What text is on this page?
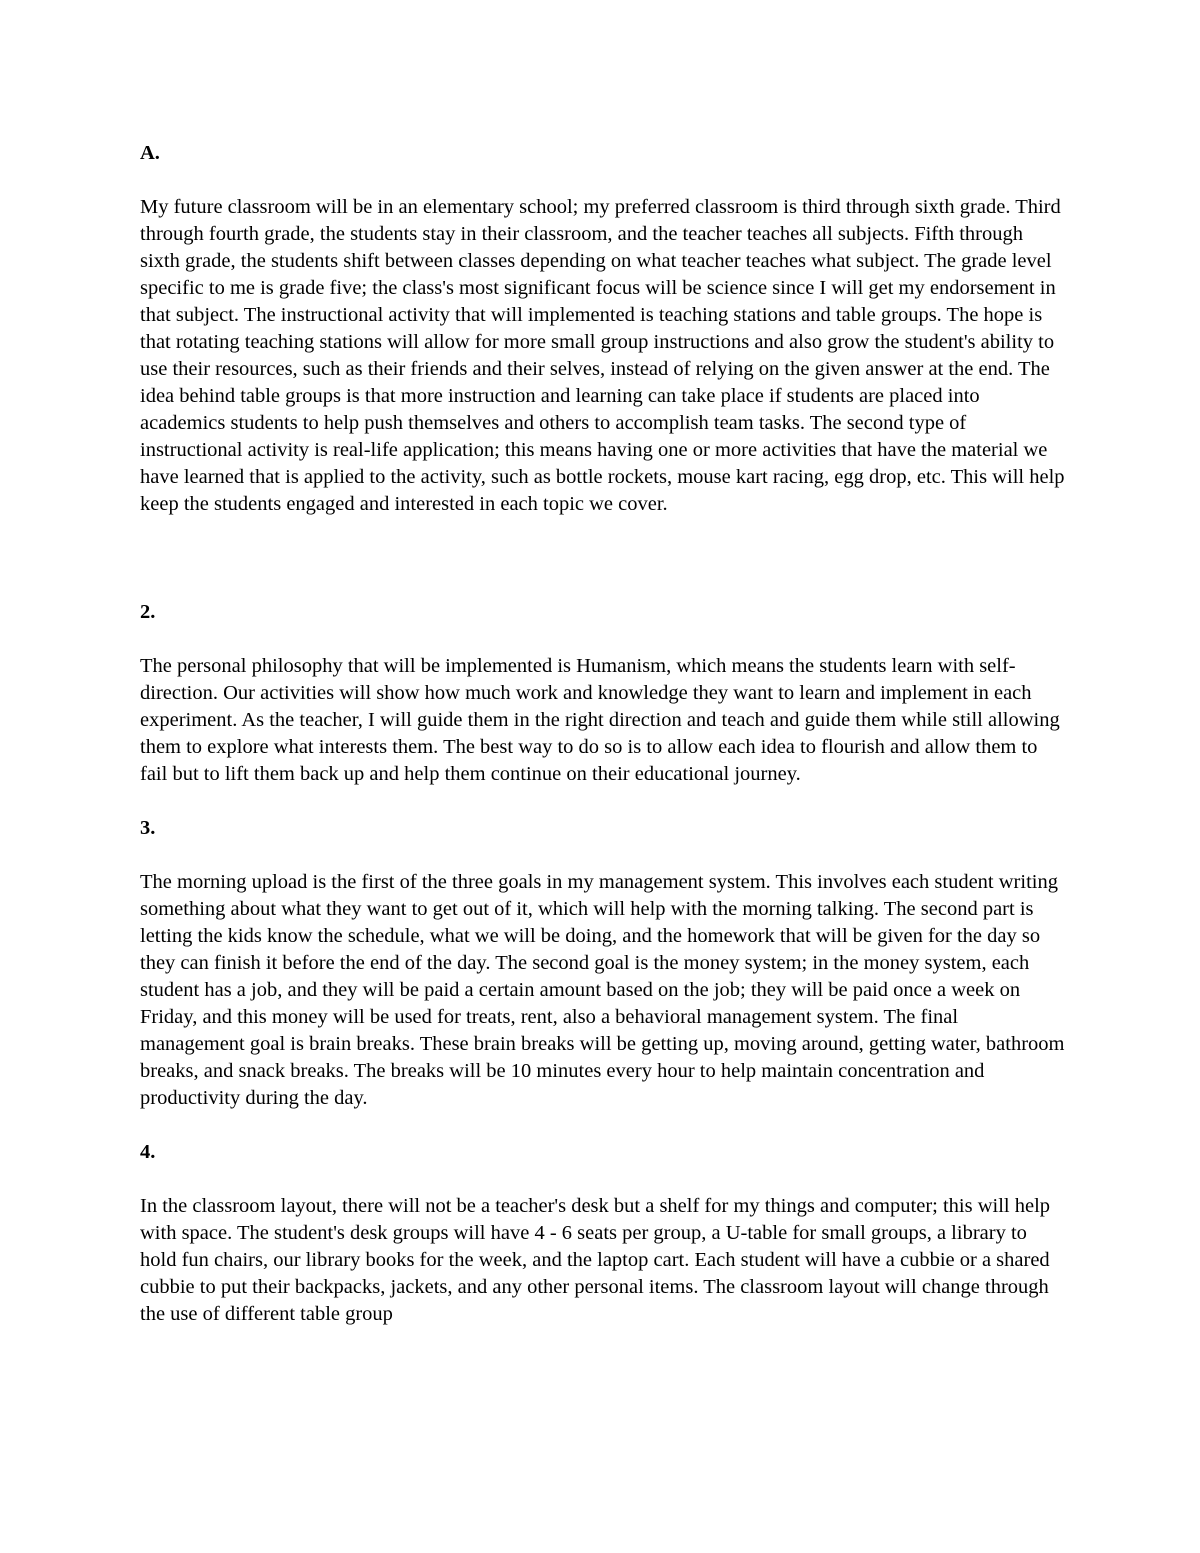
A.
My future classroom will be in an elementary school; my preferred classroom is third through sixth grade. Third through fourth grade, the students stay in their classroom, and the teacher teaches all subjects. Fifth through sixth grade, the students shift between classes depending on what teacher teaches what subject. The grade level specific to me is grade five; the class's most significant focus will be science since I will get my endorsement in that subject. The instructional activity that will implemented is teaching stations and table groups. The hope is that rotating teaching stations will allow for more small group instructions and also grow the student's ability to use their resources, such as their friends and their selves, instead of relying on the given answer at the end. The idea behind table groups is that more instruction and learning can take place if students are placed into academics students to help push themselves and others to accomplish team tasks. The second type of instructional activity is real-life application; this means having one or more activities that have the material we have learned that is applied to the activity, such as bottle rockets, mouse kart racing, egg drop, etc. This will help keep the students engaged and interested in each topic we cover.
2.
The personal philosophy that will be implemented is Humanism, which means the students learn with self-direction. Our activities will show how much work and knowledge they want to learn and implement in each experiment. As the teacher, I will guide them in the right direction and teach and guide them while still allowing them to explore what interests them. The best way to do so is to allow each idea to flourish and allow them to fail but to lift them back up and help them continue on their educational journey.
3.
The morning upload is the first of the three goals in my management system. This involves each student writing something about what they want to get out of it, which will help with the morning talking. The second part is letting the kids know the schedule, what we will be doing, and the homework that will be given for the day so they can finish it before the end of the day. The second goal is the money system; in the money system, each student has a job, and they will be paid a certain amount based on the job; they will be paid once a week on Friday, and this money will be used for treats, rent, also a behavioral management system. The final management goal is brain breaks. These brain breaks will be getting up, moving around, getting water, bathroom breaks, and snack breaks. The breaks will be 10 minutes every hour to help maintain concentration and productivity during the day.
4.
In the classroom layout, there will not be a teacher's desk but a shelf for my things and computer; this will help with space. The student's desk groups will have 4 - 6 seats per group, a U-table for small groups, a library to hold fun chairs, our library books for the week, and the laptop cart. Each student will have a cubbie or a shared cubbie to put their backpacks, jackets, and any other personal items. The classroom layout will change through the use of different table group
